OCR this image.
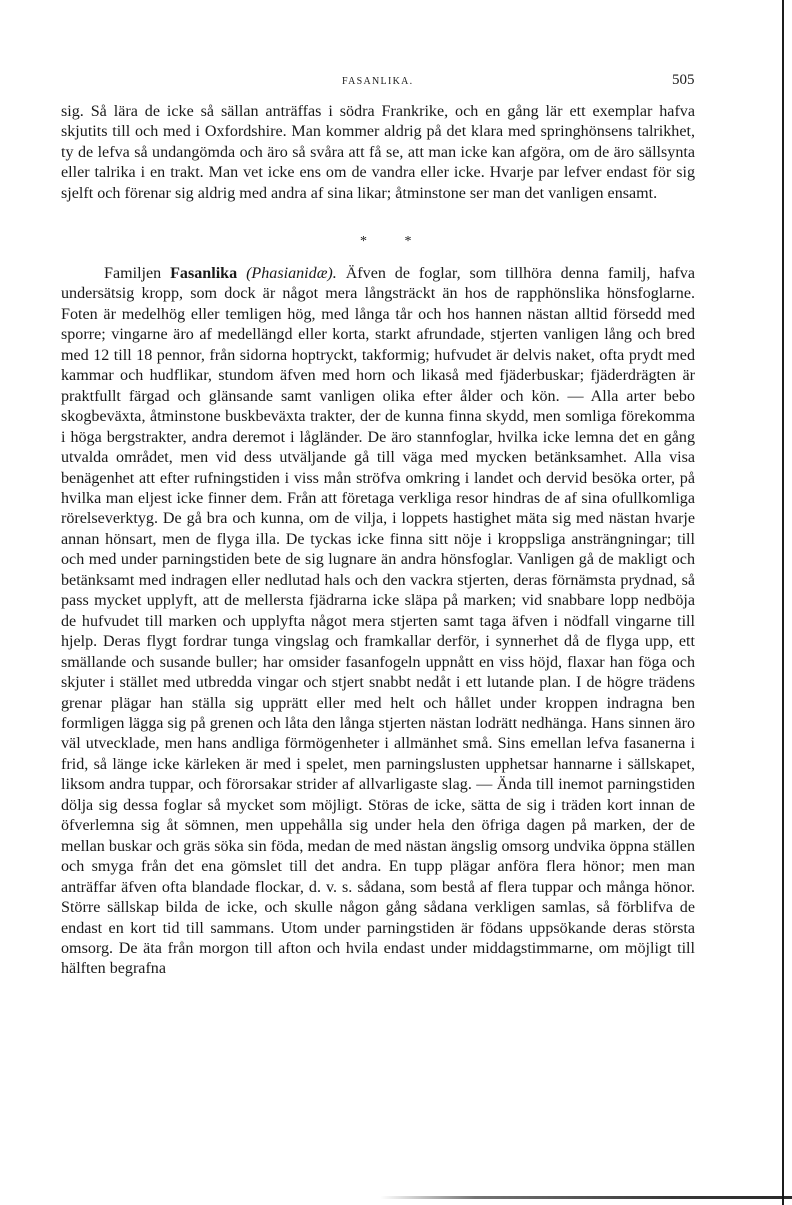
FASANLIKA.	505

sig. Så lära de icke så sällan anträffas i södra Frankrike, och en gång lär ett exemplar hafva skjutits till och med i Oxfordshire. Man kommer aldrig på det klara med springhönsens talrikhet, ty de lefva så undangömda och äro så svåra att få se, att man icke kan afgöra, om de äro sällsynta eller talrika i en trakt. Man vet icke ens om de vandra eller icke. Hvarje par lefver endast för sig sjelft och förenar sig aldrig med andra af sina likar; åtminstone ser man det vanligen ensamt.

* *

Familjen Fasanlika (Phasianidæ). Äfven de foglar, som tillhöra denna familj, hafva undersätsig kropp, som dock är något mera långsträckt än hos de rapphönslika hönsfoglarne. Foten är medelhög eller temligen hög, med långa tår och hos hannen nästan alltid försedd med sporre; vingarne äro af medellängd eller korta, starkt afrundade, stjerten vanligen lång och bred med 12 till 18 pennor, från sidorna hoptryckt, takformig; hufvudet är delvis naket, ofta prydt med kammar och hudflikar, stundom äfven med horn och likaså med fjäderbuskar; fjäderdrägten är praktfullt färgad och glänsande samt vanligen olika efter ålder och kön. — Alla arter bebo skogbeväxta, åtminstone buskbeväxta trakter, der de kunna finna skydd, men somliga förekomma i höga bergstrakter, andra deremot i lågländer. De äro stannfoglar, hvilka icke lemna det en gång utvalda området, men vid dess utväljande gå till väga med mycken betänksamhet. Alla visa benägenhet att efter rufningstiden i viss mån ströfva omkring i landet och dervid besöka orter, på hvilka man eljest icke finner dem. Från att företaga verkliga resor hindras de af sina ofullkomliga rörelseverktyg. De gå bra och kunna, om de vilja, i loppets hastighet mäta sig med nästan hvarje annan hönsart, men de flyga illa. De tyckas icke finna sitt nöje i kroppsliga ansträngningar; till och med under parningstiden bete de sig lugnare än andra hönsfoglar. Vanligen gå de makligt och betänksamt med indragen eller nedlutad hals och den vackra stjerten, deras förnämsta prydnad, så pass mycket upplyft, att de mellersta fjädrarna icke släpa på marken; vid snabbare lopp nedböja de hufvudet till marken och upplyfta något mera stjerten samt taga äfven i nödfall vingarne till hjelp. Deras flygt fordrar tunga vingslag och framkallar derför, i synnerhet då de flyga upp, ett smällande och susande buller; har omsider fasanfogeln uppnått en viss höjd, flaxar han föga och skjuter i stället med utbredda vingar och stjert snabbt nedåt i ett lutande plan. I de högre trädens grenar plägar han ställa sig upprätt eller med helt och hållet under kroppen indragna ben formligen lägga sig på grenen och låta den långa stjerten nästan lodrätt nedhänga. Hans sinnen äro väl utvecklade, men hans andliga förmögenheter i allmänhet små. Sins emellan lefva fasanerna i frid, så länge icke kärleken är med i spelet, men parningslusten upphetsar hannarne i sällskapet, liksom andra tuppar, och förorsakar strider af allvarligaste slag. — Ända till inemot parningstiden dölja sig dessa foglar så mycket som möjligt. Störas de icke, sätta de sig i träden kort innan de öfverlemna sig åt sömnen, men uppehålla sig under hela den öfriga dagen på marken, der de mellan buskar och gräs söka sin föda, medan de med nästan ängslig omsorg undvika öppna ställen och smyga från det ena gömslet till det andra. En tupp plägar anföra flera hönor; men man anträffar äfven ofta blandade flockar, d. v. s. sådana, som bestå af flera tuppar och många hönor. Större sällskap bilda de icke, och skulle någon gång sådana verkligen samlas, så förblifva de endast en kort tid till sammans. Utom under parningstiden är födans uppsökande deras största omsorg. De äta från morgon till afton och hvila endast under middagstimmarne, om möjligt till hälften begrafna
